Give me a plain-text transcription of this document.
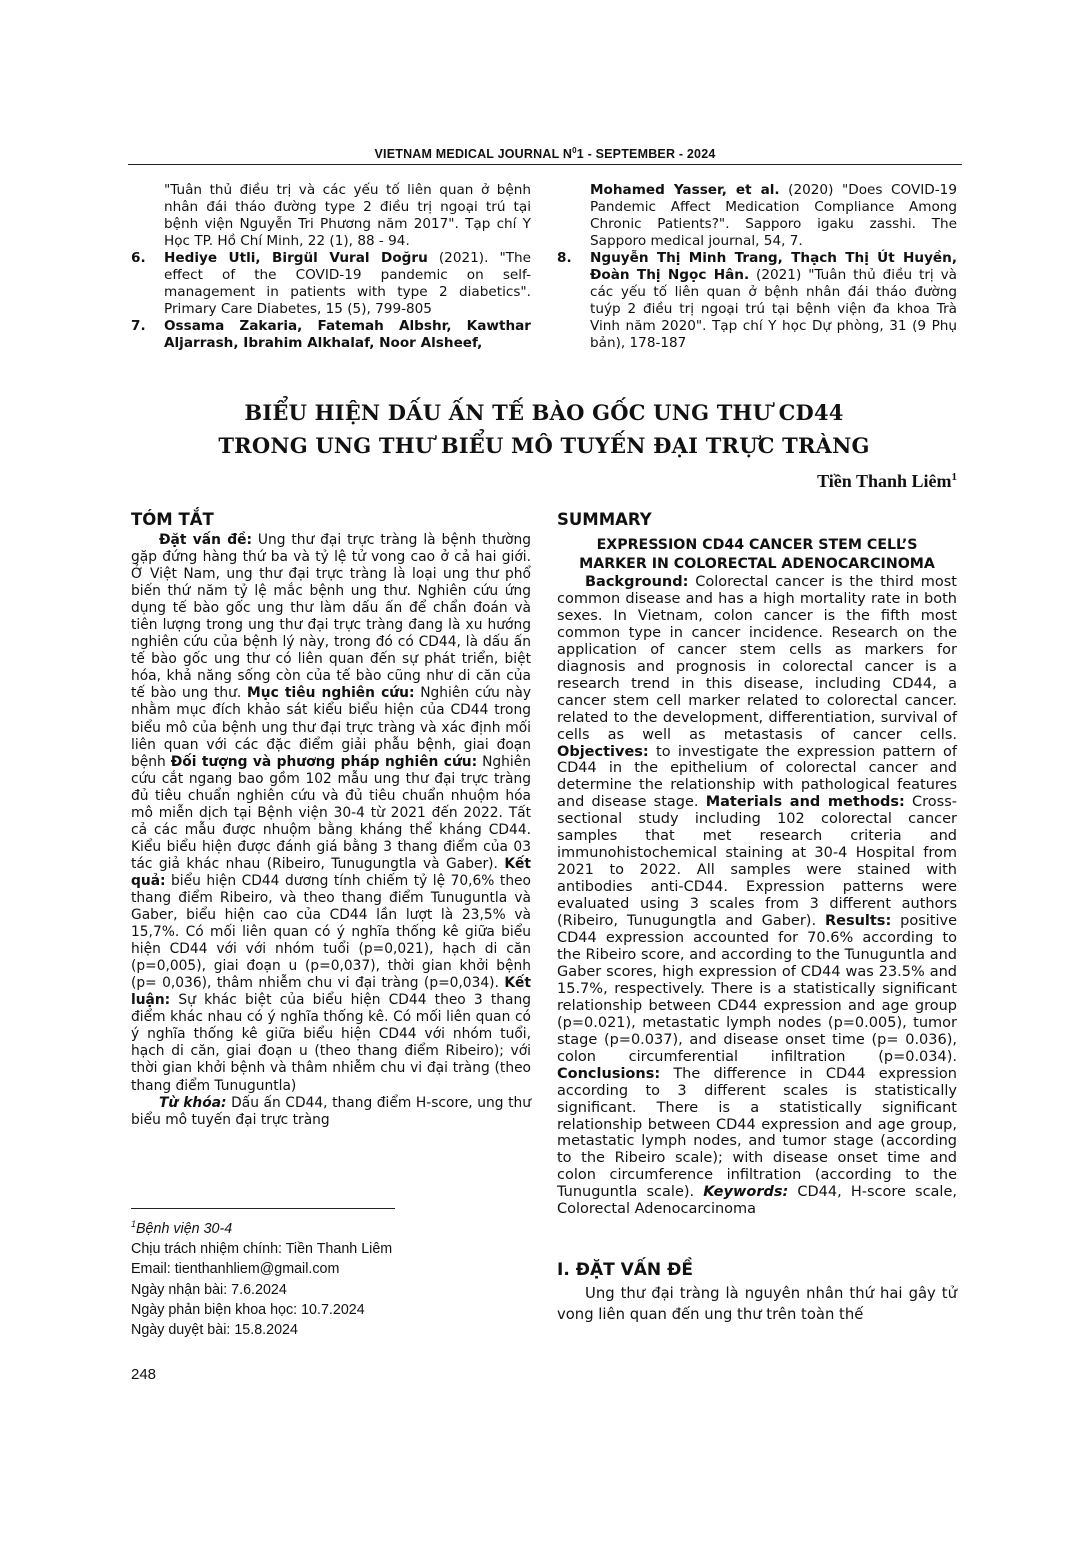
VIETNAM MEDICAL JOURNAL $N^01$ - SEPTEMBER - 2024
"Tuân thủ điều trị và các yếu tố liên quan ở bệnh nhân đái tháo đường type 2 điều trị ngoại trú tại bệnh viện Nguyễn Tri Phương năm 2017". Tạp chí Y Học TP. Hồ Chí Minh, 22 (1), 88 - 94.
6.	Hediye Utli, Birgül Vural Doğru (2021). "The effect of the COVID-19 pandemic on self-management in patients with type 2 diabetics". Primary Care Diabetes, 15 (5), 799-805
7.	Ossama Zakaria, Fatemah Albshr, Kawthar Aljarrash, Ibrahim Alkhalaf, Noor Alsheef,
Mohamed Yasser, et al. (2020) "Does COVID-19 Pandemic Affect Medication Compliance Among Chronic Patients?". Sapporo igaku zasshi. The Sapporo medical journal, 54, 7.
8.	Nguyễn Thị Minh Trang, Thạch Thị Út Huyền, Đoàn Thị Ngọc Hân. (2021) "Tuân thủ điều trị và các yếu tố liên quan ở bệnh nhân đái tháo đường tuýp 2 điều trị ngoại trú tại bệnh viện đa khoa Trà Vinh năm 2020". Tạp chí Y học Dự phòng, 31 (9 Phụ bản), 178-187
BIỂU HIỆN DẤU ẤN TẾ BÀO GỐC UNG THƯ CD44
TRONG UNG THƯ BIỂU MÔ TUYẾN ĐẠI TRỰC TRÀNG
Tiền Thanh Liêm$^1$
TÓM TẮT

Đặt vấn đề: Ung thư đại trực tràng là bệnh thường gặp đứng hàng thứ ba và tỷ lệ tử vong cao ở cả hai giới. Ở Việt Nam, ung thư đại trực tràng là loại ung thư phổ biến thứ năm tỷ lệ mắc bệnh ung thư. Nghiên cứu ứng dụng tế bào gốc ung thư làm dấu ấn để chẩn đoán và tiên lượng trong ung thư đại trực tràng đang là xu hướng nghiên cứu của bệnh lý này, trong đó có CD44, là dấu ấn tế bào gốc ung thư có liên quan đến sự phát triển, biệt hóa, khả năng sống còn của tế bào cũng như di căn của tế bào ung thư. Mục tiêu nghiên cứu: Nghiên cứu này nhằm mục đích khảo sát kiểu biểu hiện của CD44 trong biểu mô của bệnh ung thư đại trực tràng và xác định mối liên quan với các đặc điểm giải phẫu bệnh, giai đoạn bệnh Đối tượng và phương pháp nghiên cứu: Nghiên cứu cắt ngang bao gồm 102 mẫu ung thư đại trực tràng đủ tiêu chuẩn nghiên cứu và đủ tiêu chuẩn nhuộm hóa mô miễn dịch tại Bệnh viện 30-4 từ 2021 đến 2022. Tất cả các mẫu được nhuộm bằng kháng thể kháng CD44. Kiểu biểu hiện được đánh giá bằng 3 thang điểm của 03 tác giả khác nhau (Ribeiro, Tunugungtla và Gaber). Kết quả: biểu hiện CD44 dương tính chiếm tỷ lệ 70,6% theo thang điểm Ribeiro, và theo thang điểm Tunuguntla và Gaber, biểu hiện cao của CD44 lần lượt là 23,5% và 15,7%. Có mối liên quan có ý nghĩa thống kê giữa biểu hiện CD44 với với nhóm tuổi (p=0,021), hạch di căn (p=0,005), giai đoạn u (p=0,037), thời gian khởi bệnh (p= 0,036), thâm nhiễm chu vi đại tràng (p=0,034). Kết luận: Sự khác biệt của biểu hiện CD44 theo 3 thang điểm khác nhau có ý nghĩa thống kê. Có mối liên quan có ý nghĩa thống kê giữa biểu hiện CD44 với nhóm tuổi, hạch di căn, giai đoạn u (theo thang điểm Ribeiro); với thời gian khởi bệnh và thâm nhiễm chu vi đại tràng (theo thang điểm Tunuguntla)

Từ khóa: Dấu ấn CD44, thang điểm H-score, ung thư biểu mô tuyến đại trực tràng

$^1$Bệnh viện 30-4
Chịu trách nhiệm chính: Tiền Thanh Liêm
Email: tienthanhliem@gmail.com
Ngày nhận bài: 7.6.2024
Ngày phản biện khoa học: 10.7.2024
Ngày duyệt bài: 15.8.2024
SUMMARY
EXPRESSION CD44 CANCER STEM CELL’S
MARKER IN COLORECTAL ADENOCARCINOMA

Background: Colorectal cancer is the third most common disease and has a high mortality rate in both sexes. In Vietnam, colon cancer is the fifth most common type in cancer incidence. Research on the application of cancer stem cells as markers for diagnosis and prognosis in colorectal cancer is a research trend in this disease, including CD44, a cancer stem cell marker related to colorectal cancer. related to the development, differentiation, survival of cells as well as metastasis of cancer cells. Objectives: to investigate the expression pattern of CD44 in the epithelium of colorectal cancer and determine the relationship with pathological features and disease stage. Materials and methods: Cross-sectional study including 102 colorectal cancer samples that met research criteria and immunohistochemical staining at 30-4 Hospital from 2021 to 2022. All samples were stained with antibodies anti-CD44. Expression patterns were evaluated using 3 scales from 3 different authors (Ribeiro, Tunugungtla and Gaber). Results: positive CD44 expression accounted for 70.6% according to the Ribeiro score, and according to the Tunuguntla and Gaber scores, high expression of CD44 was 23.5% and 15.7%, respectively. There is a statistically significant relationship between CD44 expression and age group (p=0.021), metastatic lymph nodes (p=0.005), tumor stage (p=0.037), and disease onset time (p= 0.036), colon circumferential infiltration (p=0.034). Conclusions: The difference in CD44 expression according to 3 different scales is statistically significant. There is a statistically significant relationship between CD44 expression and age group, metastatic lymph nodes, and tumor stage (according to the Ribeiro scale); with disease onset time and colon circumference infiltration (according to the Tunuguntla scale). Keywords: CD44, H-score scale, Colorectal Adenocarcinoma

I. ĐẶT VẤN ĐỀ

Ung thư đại tràng là nguyên nhân thứ hai gây tử vong liên quan đến ung thư trên toàn thế

248
